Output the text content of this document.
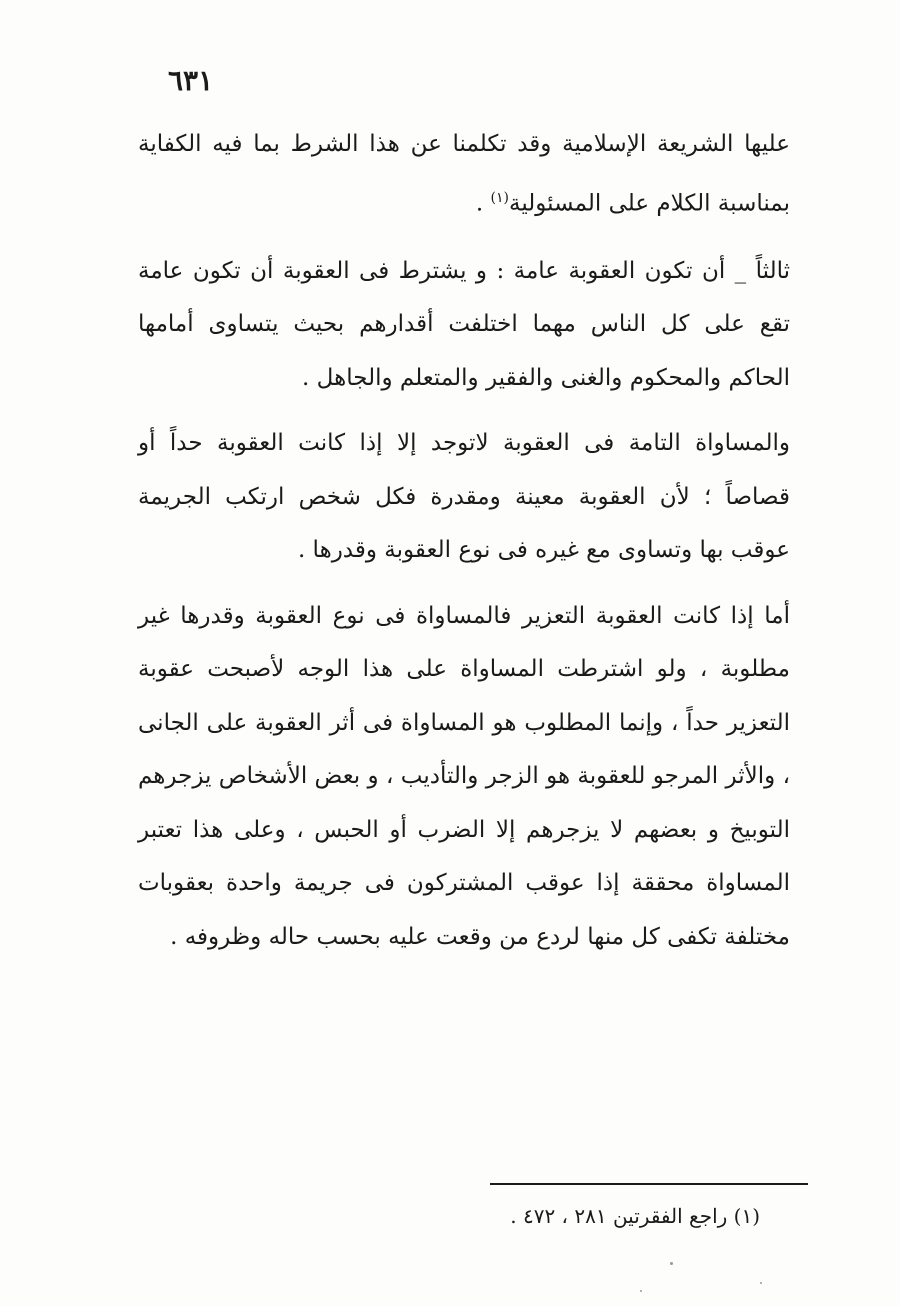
٦٣١

عليها الشريعة الإسلامية وقد تكلمنا عن هذا الشرط بما فيه الكفاية بمناسبة الكلام على المسئولية$^{(١)}$ .

ثالثاً _ أن تكون العقوبة عامة : و يشترط فى العقوبة أن تكون عامة تقع على كل الناس مهما اختلفت أقدارهم بحيث يتساوى أمامها الحاكم والمحكوم والغنى والفقير والمتعلم والجاهل .

والمساواة التامة فى العقوبة لاتوجد إلا إذا كانت العقوبة حداً أو قصاصاً ؛ لأن العقوبة معينة ومقدرة فكل شخص ارتكب الجريمة عوقب بها وتساوى مع غيره فى نوع العقوبة وقدرها .

أما إذا كانت العقوبة التعزير فالمساواة فى نوع العقوبة وقدرها غير مطلوبة ، ولو اشترطت المساواة على هذا الوجه لأصبحت عقوبة التعزير حداً ، وإنما المطلوب هو المساواة فى أثر العقوبة على الجانى ، والأثر المرجو للعقوبة هو الزجر والتأديب ، و بعض الأشخاص يزجرهم التوبيخ و بعضهم لا يزجرهم إلا الضرب أو الحبس ، وعلى هذا تعتبر المساواة محققة إذا عوقب المشتركون فى جريمة واحدة بعقوبات مختلفة تكفى كل منها لردع من وقعت عليه بحسب حاله وظروفه .

(١) راجع الفقرتين ٢٨١ ، ٤٧٢ .
